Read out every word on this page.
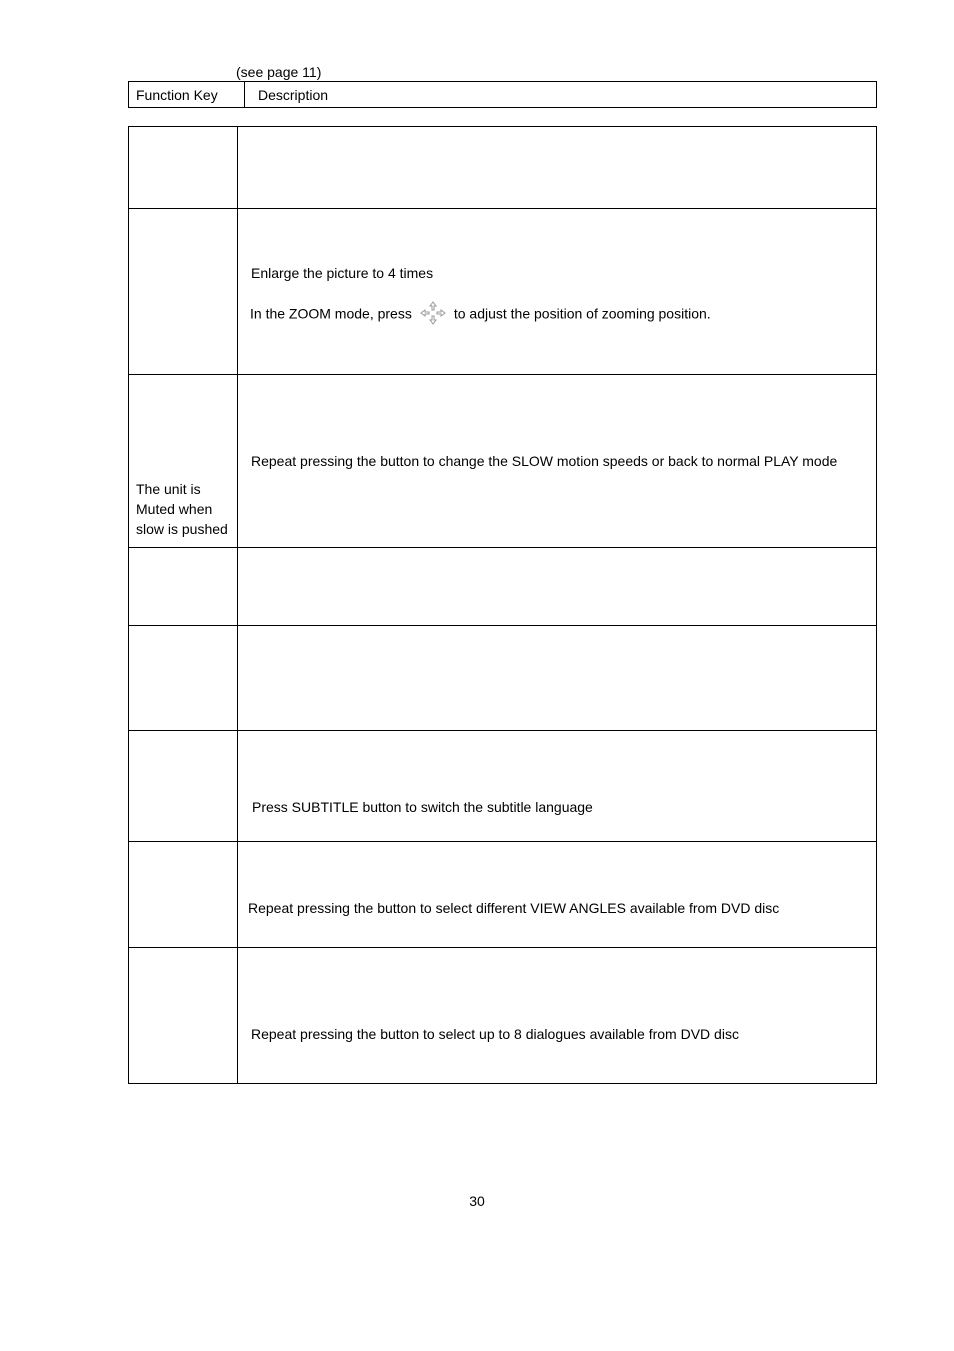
(see page 11)
Function Key	Description

	Enlarge the picture to 4 times
In the ZOOM mode, press to adjust the position of zooming position.

The unit is
Muted when
slow is pushed	Repeat pressing the button to change the SLOW motion speeds or back to normal PLAY mode

	Press SUBTITLE button to switch the subtitle language

	Repeat pressing the button to select different VIEW ANGLES available from DVD disc

	Repeat pressing the button to select up to 8 dialogues available from DVD disc
30
